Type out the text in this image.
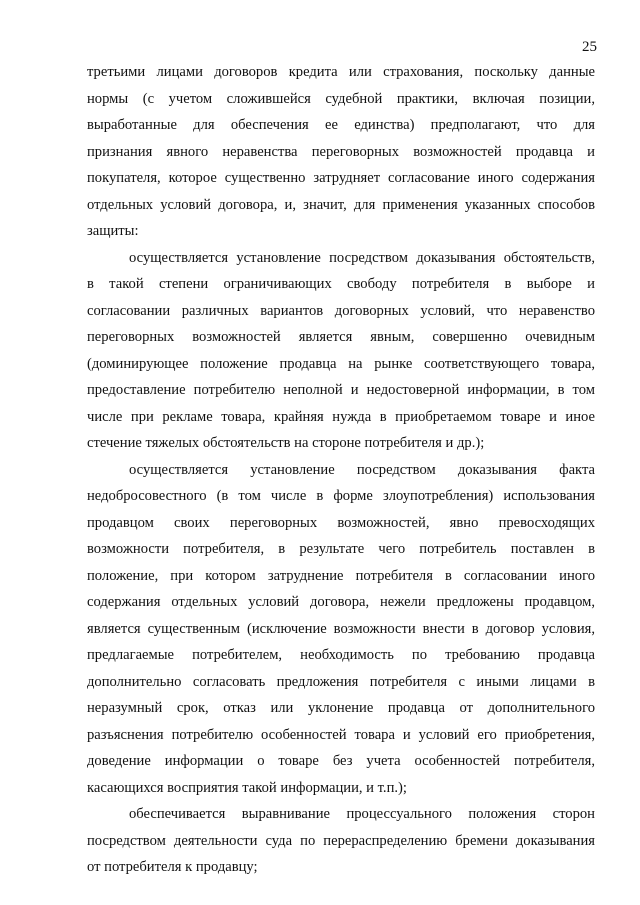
25
третьими лицами договоров кредита или страхования, поскольку данные
нормы (с учетом сложившейся судебной практики, включая позиции,
выработанные для обеспечения ее единства) предполагают, что для
признания явного неравенства переговорных возможностей продавца и
покупателя, которое существенно затрудняет согласование иного содержания
отдельных условий договора, и, значит, для применения указанных способов
защиты:
осуществляется установление посредством доказывания обстоятельств,
в такой степени ограничивающих свободу потребителя в выборе и
согласовании различных вариантов договорных условий, что неравенство
переговорных возможностей является явным, совершенно очевидным
(доминирующее положение продавца на рынке соответствующего товара,
предоставление потребителю неполной и недостоверной информации, в том
числе при рекламе товара, крайняя нужда в приобретаемом товаре и иное
стечение тяжелых обстоятельств на стороне потребителя и др.);
осуществляется установление посредством доказывания факта
недобросовестного (в том числе в форме злоупотребления) использования
продавцом своих переговорных возможностей, явно превосходящих
возможности потребителя, в результате чего потребитель поставлен в
положение, при котором затруднение потребителя в согласовании иного
содержания отдельных условий договора, нежели предложены продавцом,
является существенным (исключение возможности внести в договор условия,
предлагаемые потребителем, необходимость по требованию продавца
дополнительно согласовать предложения потребителя с иными лицами в
неразумный срок, отказ или уклонение продавца от дополнительного
разъяснения потребителю особенностей товара и условий его приобретения,
доведение информации о товаре без учета особенностей потребителя,
касающихся восприятия такой информации, и т.п.);
обеспечивается выравнивание процессуального положения сторон
посредством деятельности суда по перераспределению бремени доказывания
от потребителя к продавцу;
